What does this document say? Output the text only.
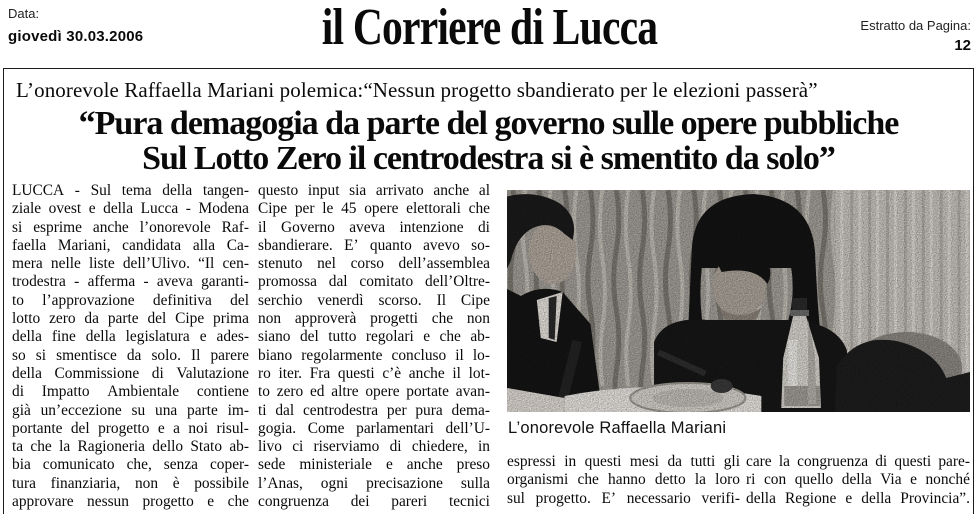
Data:
giovedì 30.03.2006	il Corriere di Lucca	Estratto da Pagina:
12
L’onorevole Raffaella Mariani polemica:“Nessun progetto sbandierato per le elezioni passerà”
“Pura demagogia da parte del governo sulle opere pubbliche
Sul Lotto Zero il centrodestra si è smentito da solo”
LUCCA - Sul tema della tangen-
ziale ovest e della Lucca - Modena
si esprime anche l’onorevole Raf-
faella Mariani, candidata alla Ca-
mera nelle liste dell’Ulivo. “Il cen-
trodestra - afferma - aveva garanti-
to l’approvazione definitiva del
lotto zero da parte del Cipe prima
della fine della legislatura e ades-
so si smentisce da solo. Il parere
della Commissione di Valutazione
di Impatto Ambientale contiene
già un’eccezione su una parte im-
portante del progetto e a noi risul-
ta che la Ragioneria dello Stato ab-
bia comunicato che, senza coper-
tura finanziaria, non è possibile
approvare nessun progetto e che
questo input sia arrivato anche al
Cipe per le 45 opere elettorali che
il Governo aveva intenzione di
sbandierare. E’ quanto avevo so-
stenuto nel corso dell’assemblea
promossa dal comitato dell’Oltre-
serchio venerdì scorso. Il Cipe
non approverà progetti che non
siano del tutto regolari e che ab-
biano regolarmente concluso il lo-
ro iter. Fra questi c’è anche il lot-
to zero ed altre opere portate avan-
ti dal centrodestra per pura dema-
gogia. Come parlamentari dell’U-
livo ci riserviamo di chiedere, in
sede ministeriale e anche preso
l’Anas, ogni precisazione sulla
congruenza dei pareri tecnici
L’onorevole Raffaella Mariani
espressi in questi mesi da tutti gli
organismi che hanno detto la loro
sul progetto. E’ necessario verifi-
care la congruenza di questi pare-
ri con quello della Via e nonché
della Regione e della Provincia”.
